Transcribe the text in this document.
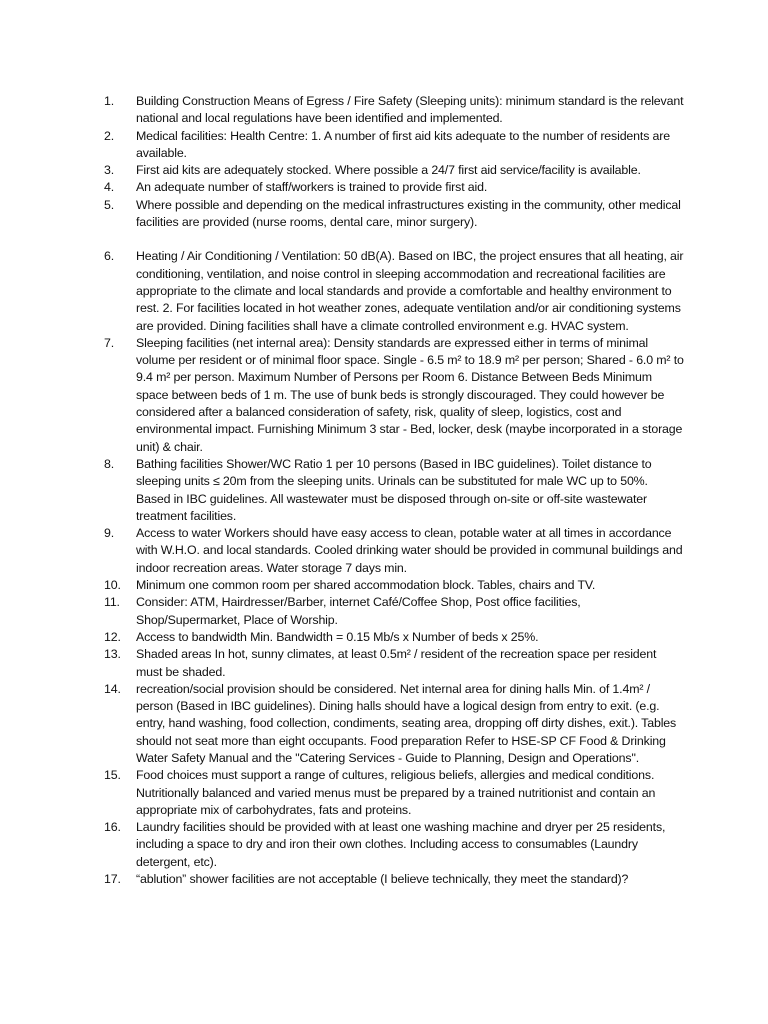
1.	Building Construction Means of Egress / Fire Safety (Sleeping units): minimum standard is the relevant national and local regulations have been identified and implemented.
2.	Medical facilities: Health Centre: 1. A number of first aid kits adequate to the number of residents are available.
3.	First aid kits are adequately stocked. Where possible a 24/7 first aid service/facility is available.
4.	An adequate number of staff/workers is trained to provide first aid.
5.	Where possible and depending on the medical infrastructures existing in the community, other medical facilities are provided (nurse rooms, dental care, minor surgery).
6.	Heating / Air Conditioning / Ventilation: 50 dB(A). Based on IBC, the project ensures that all heating, air conditioning, ventilation, and noise control in sleeping accommodation and recreational facilities are appropriate to the climate and local standards and provide a comfortable and healthy environment to rest. 2. For facilities located in hot weather zones, adequate ventilation and/or air conditioning systems are provided. Dining facilities shall have a climate controlled environment e.g. HVAC system.
7.	Sleeping facilities (net internal area): Density standards are expressed either in terms of minimal volume per resident or of minimal floor space. Single - 6.5 m² to 18.9 m² per person; Shared - 6.0 m² to 9.4 m² per person. Maximum Number of Persons per Room 6. Distance Between Beds Minimum space between beds of 1 m. The use of bunk beds is strongly discouraged. They could however be considered after a balanced consideration of safety, risk, quality of sleep, logistics, cost and environmental impact. Furnishing Minimum 3 star - Bed, locker, desk (maybe incorporated in a storage unit) & chair.
8.	Bathing facilities Shower/WC Ratio 1 per 10 persons (Based in IBC guidelines). Toilet distance to sleeping units ≤ 20m from the sleeping units. Urinals can be substituted for male WC up to 50%. Based in IBC guidelines. All wastewater must be disposed through on-site or off-site wastewater treatment facilities.
9.	Access to water Workers should have easy access to clean, potable water at all times in accordance with W.H.O. and local standards. Cooled drinking water should be provided in communal buildings and indoor recreation areas. Water storage 7 days min.
10.	Minimum one common room per shared accommodation block. Tables, chairs and TV.
11.	Consider: ATM, Hairdresser/Barber, internet Café/Coffee Shop, Post office facilities, Shop/Supermarket, Place of Worship.
12.	Access to bandwidth Min. Bandwidth = 0.15 Mb/s x Number of beds x 25%.
13.	Shaded areas In hot, sunny climates, at least 0.5m² / resident of the recreation space per resident must be shaded.
14.	recreation/social provision should be considered. Net internal area for dining halls Min. of 1.4m² / person (Based in IBC guidelines). Dining halls should have a logical design from entry to exit. (e.g. entry, hand washing, food collection, condiments, seating area, dropping off dirty dishes, exit.). Tables should not seat more than eight occupants. Food preparation Refer to HSE-SP CF Food & Drinking Water Safety Manual and the "Catering Services - Guide to Planning, Design and Operations".
15.	Food choices must support a range of cultures, religious beliefs, allergies and medical conditions. Nutritionally balanced and varied menus must be prepared by a trained nutritionist and contain an appropriate mix of carbohydrates, fats and proteins.
16.	Laundry facilities should be provided with at least one washing machine and dryer per 25 residents, including a space to dry and iron their own clothes. Including access to consumables (Laundry detergent, etc).
17.	“ablution” shower facilities are not acceptable (I believe technically, they meet the standard)?
